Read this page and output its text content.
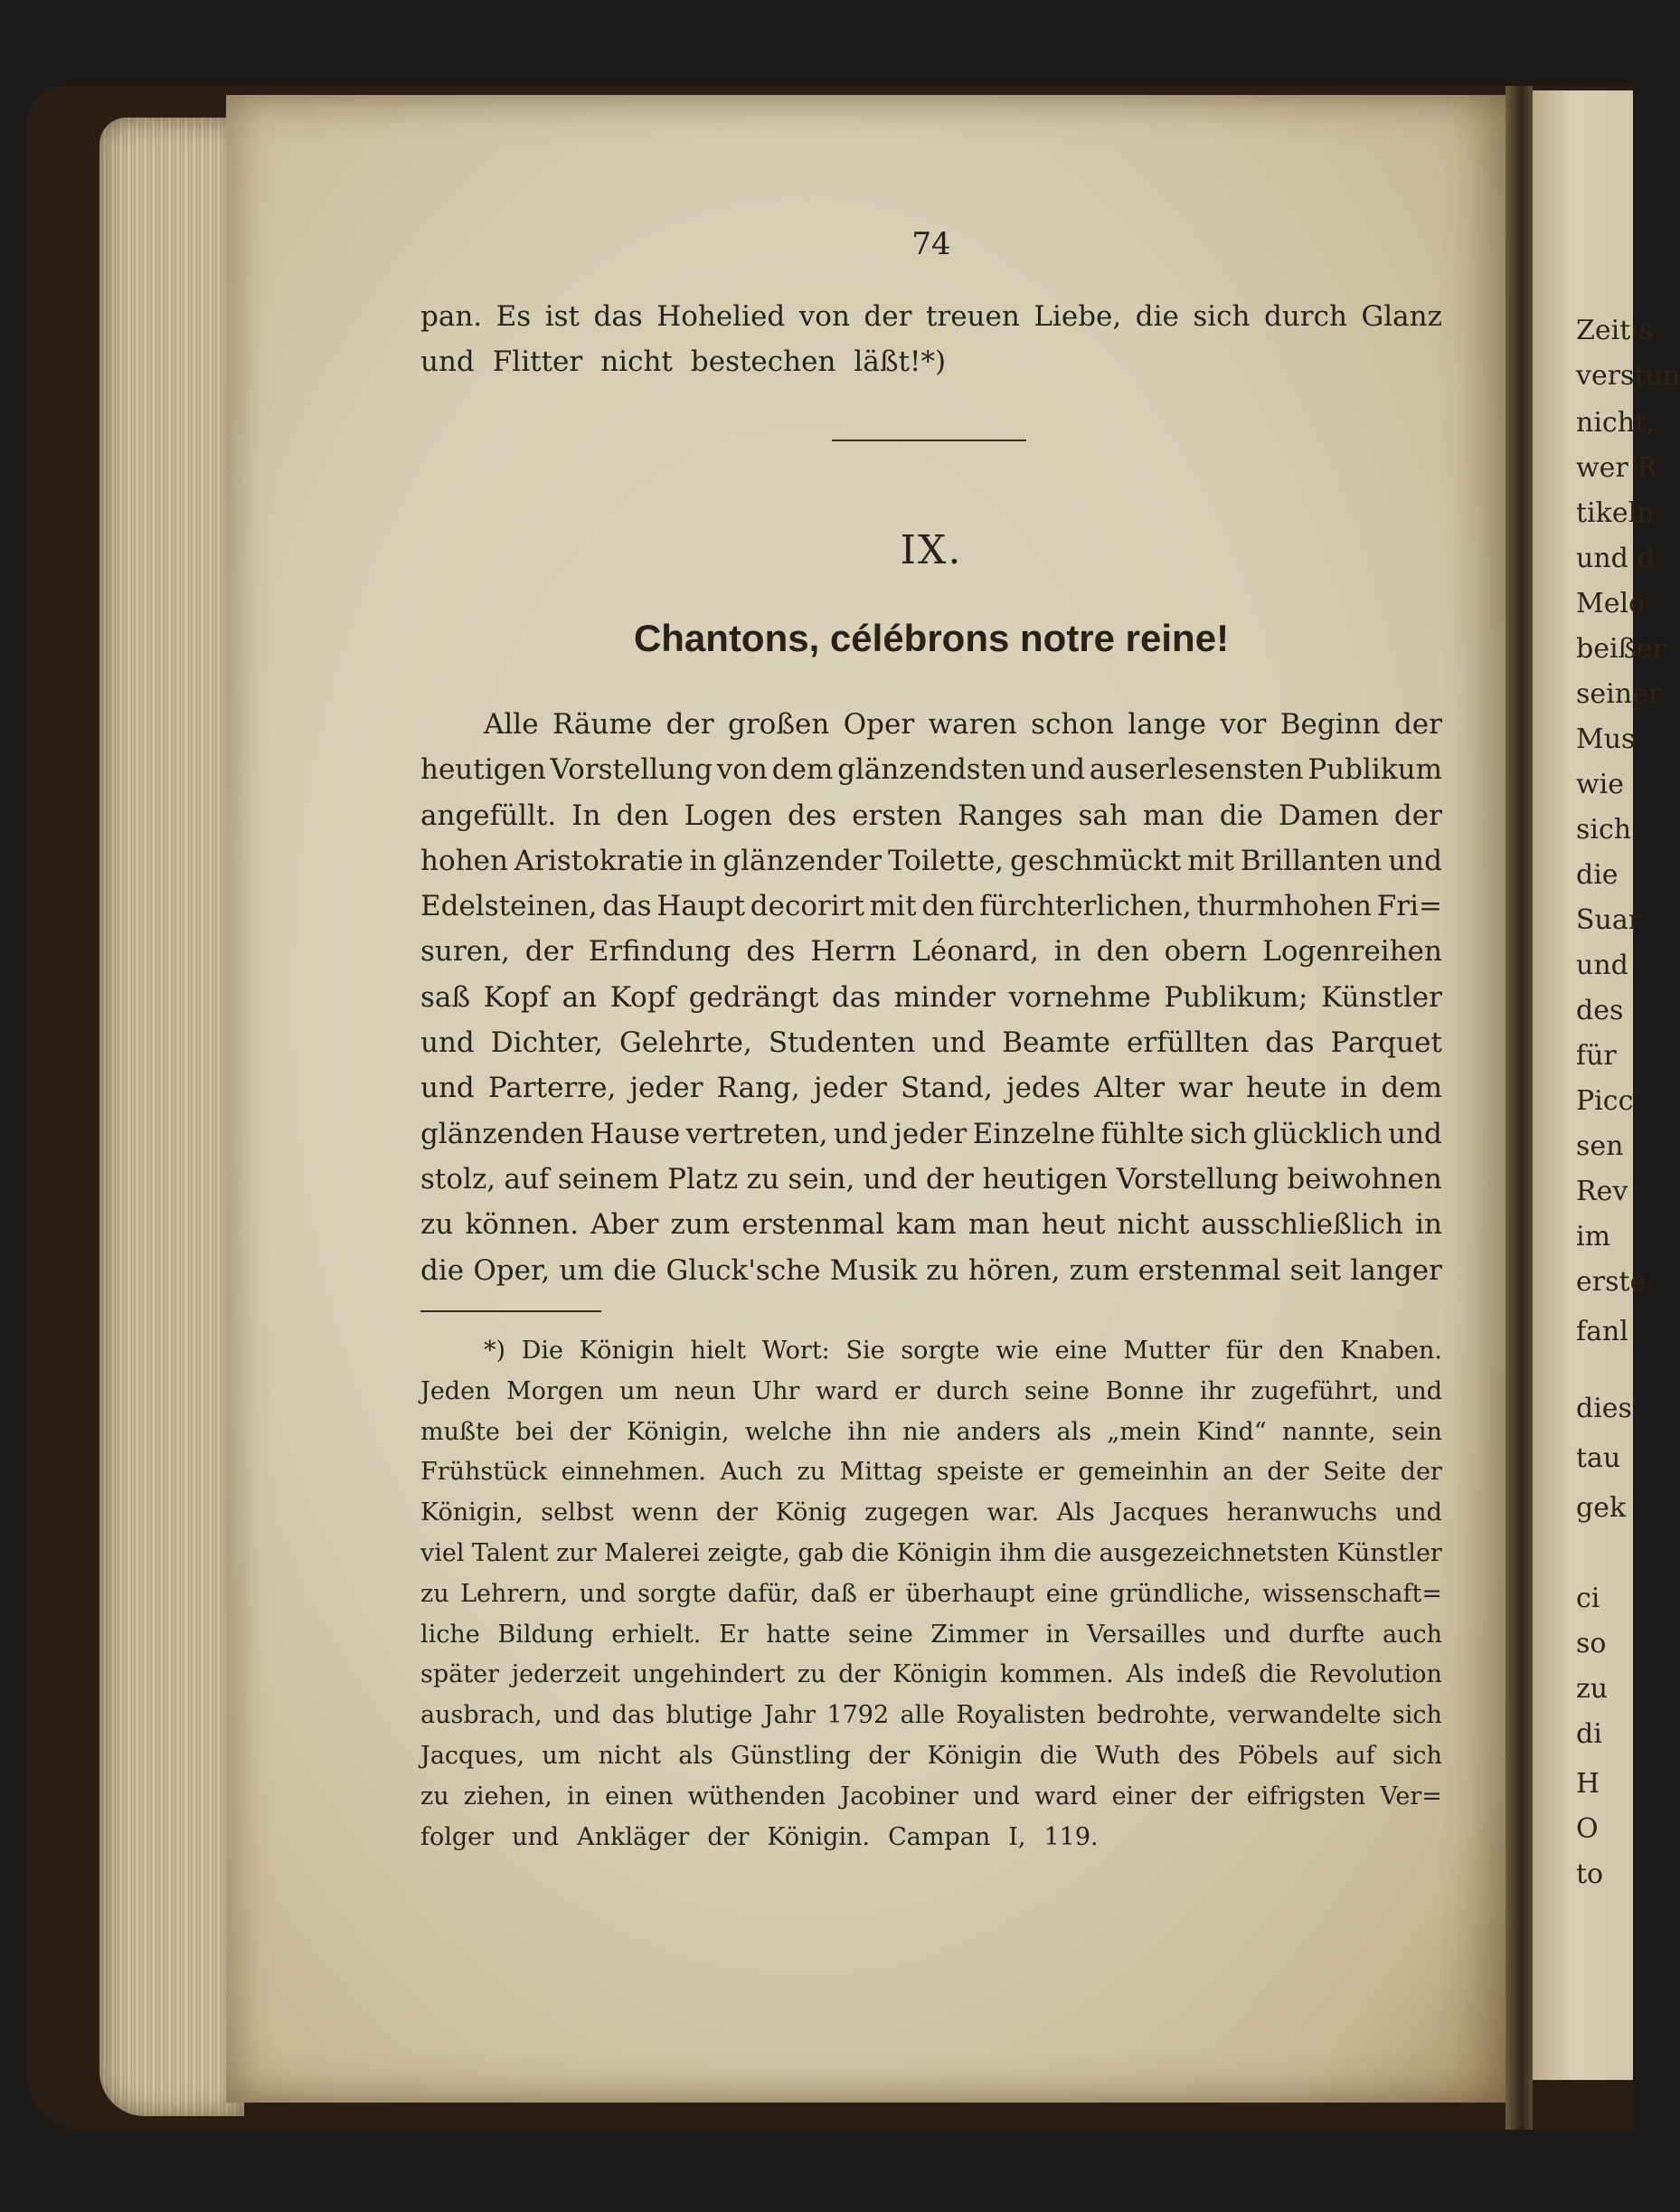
Zeit s
verstun
nicht,
wer R
tikeln
und d
Melo
beißer
seiner
Mus
wie
sich
die
Suar
und
des
für
Picc
sen
Rev
im
erste
fanl
dies
tau
gek
ci
so
zu
di
H
O
to
74
pan. Es ist das Hohelied von der treuen Liebe, die sich durch Glanz
und Flitter nicht bestechen läßt!*)
IX.
Chantons, célébrons notre reine!
Alle Räume der großen Oper waren schon lange vor Beginn der
heutigen Vorstellung von dem glänzendsten und auserlesensten Publikum
angefüllt. In den Logen des ersten Ranges sah man die Damen der
hohen Aristokratie in glänzender Toilette, geschmückt mit Brillanten und
Edelsteinen, das Haupt decorirt mit den fürchterlichen, thurmhohen Fri=
suren, der Erfindung des Herrn Léonard, in den obern Logenreihen
saß Kopf an Kopf gedrängt das minder vornehme Publikum; Künstler
und Dichter, Gelehrte, Studenten und Beamte erfüllten das Parquet
und Parterre, jeder Rang, jeder Stand, jedes Alter war heute in dem
glänzenden Hause vertreten, und jeder Einzelne fühlte sich glücklich und
stolz, auf seinem Platz zu sein, und der heutigen Vorstellung beiwohnen
zu können. Aber zum erstenmal kam man heut nicht ausschließlich in
die Oper, um die Gluck'sche Musik zu hören, zum erstenmal seit langer
*) Die Königin hielt Wort: Sie sorgte wie eine Mutter für den Knaben.
Jeden Morgen um neun Uhr ward er durch seine Bonne ihr zugeführt, und
mußte bei der Königin, welche ihn nie anders als „mein Kind“ nannte, sein
Frühstück einnehmen. Auch zu Mittag speiste er gemeinhin an der Seite der
Königin, selbst wenn der König zugegen war. Als Jacques heranwuchs und
viel Talent zur Malerei zeigte, gab die Königin ihm die ausgezeichnetsten Künstler
zu Lehrern, und sorgte dafür, daß er überhaupt eine gründliche, wissenschaft=
liche Bildung erhielt. Er hatte seine Zimmer in Versailles und durfte auch
später jederzeit ungehindert zu der Königin kommen. Als indeß die Revolution
ausbrach, und das blutige Jahr 1792 alle Royalisten bedrohte, verwandelte sich
Jacques, um nicht als Günstling der Königin die Wuth des Pöbels auf sich
zu ziehen, in einen wüthenden Jacobiner und ward einer der eifrigsten Ver=
folger und Ankläger der Königin. Campan I, 119.
